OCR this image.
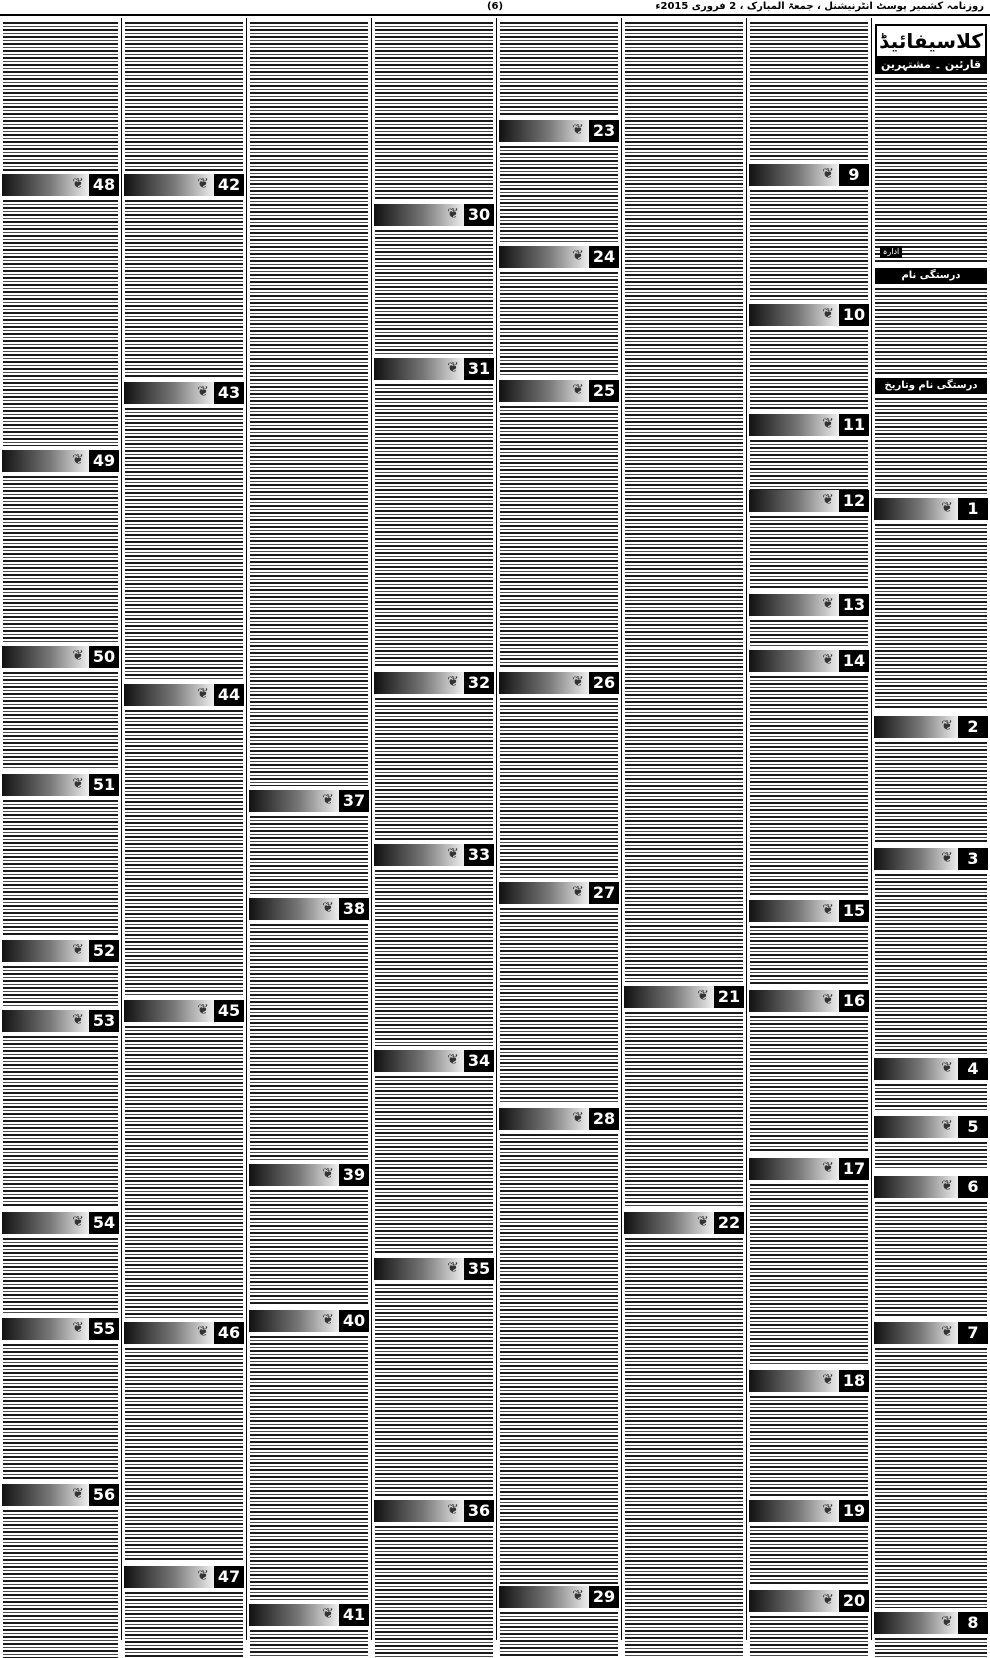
(6)	روزنامہ کشمیر پوسٹ انٹرنیشنل ، جمعۃ المبارک ، 2 فروری 2015ء
کلاسیفائیڈ
قارئین ۔ مشتہرین
ادارہ
درستگی نام
درستگی نام وتاریخ
❦ 1
❦ 2
❦ 3
❦ 4
❦ 5
❦ 6
❦ 7
❦ 8
❦ 9
❦ 10
❦ 11
❦ 12
❦ 13
❦ 14
❦ 15
❦ 16
❦ 17
❦ 18
❦ 19
❦ 20
❦ 21
❦ 22
❦ 23
❦ 24
❦ 25
❦ 26
❦ 27
❦ 28
❦ 29
❦ 30
❦ 31
❦ 32
❦ 33
❦ 34
❦ 35
❦ 36
❦ 37
❦ 38
❦ 39
❦ 40
❦ 41
❦ 42
❦ 43
❦ 44
❦ 45
❦ 46
❦ 47
❦ 48
❦ 49
❦ 50
❦ 51
❦ 52
❦ 53
❦ 54
❦ 55
❦ 56
